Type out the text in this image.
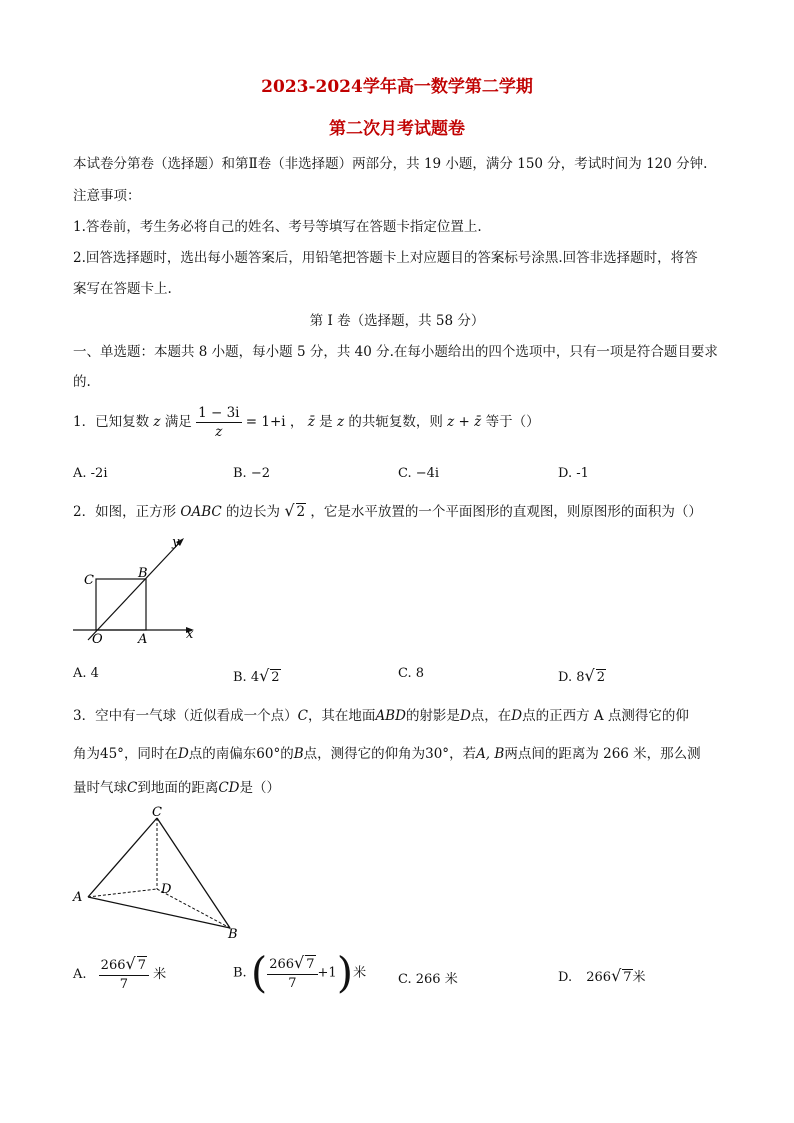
2023-2024学年高一数学第二学期
第二次月考试题卷
本试卷分第卷（选择题）和第Ⅱ卷（非选择题）两部分，共 19 小题，满分 150 分，考试时间为 120 分钟.
注意事项：
1.答卷前，考生务必将自己的姓名、考号等填写在答题卡指定位置上.
2.回答选择题时，选出每小题答案后，用铅笔把答题卡上对应题目的答案标号涂黑.回答非选择题时，将答
案写在答题卡上.
第 I 卷（选择题，共 58 分）
一、单选题：本题共 8 小题，每小题 5 分，共 40 分.在每小题给出的四个选项中，只有一项是符合题目要求
的.
1．已知复数 z 满足 $\frac{1 - 3i}{z} = 1+i$ ， z̄ 是 z 的共轭复数，则 z + z̄ 等于（）
A. -2i	B. −2	C. −4i	D. -1
2．如图，正方形 OABC 的边长为 √ 2 ，它是水平放置的一个平面图形的直观图，则原图形的面积为（）
y
x
C	B
O	A
A. 4	B. 4√ 2	C. 8	D. 8√ 2
3．空中有一气球（近似看成一个点）C，其在地面ABD的射影是D点，在D点的正西方 A 点测得它的仰
角为45°，同时在D点的南偏东60°的B点，测得它的仰角为30°，若A, B两点间的距离为 266 米，那么测
量时气球C到地面的距离CD是（）
C
D
A
B
A. $\frac{266√ 7}{7}$ 米	B. ( $\frac{266√ 7}{7} +1$)米 C. 266 米	D. 266√ 7米
